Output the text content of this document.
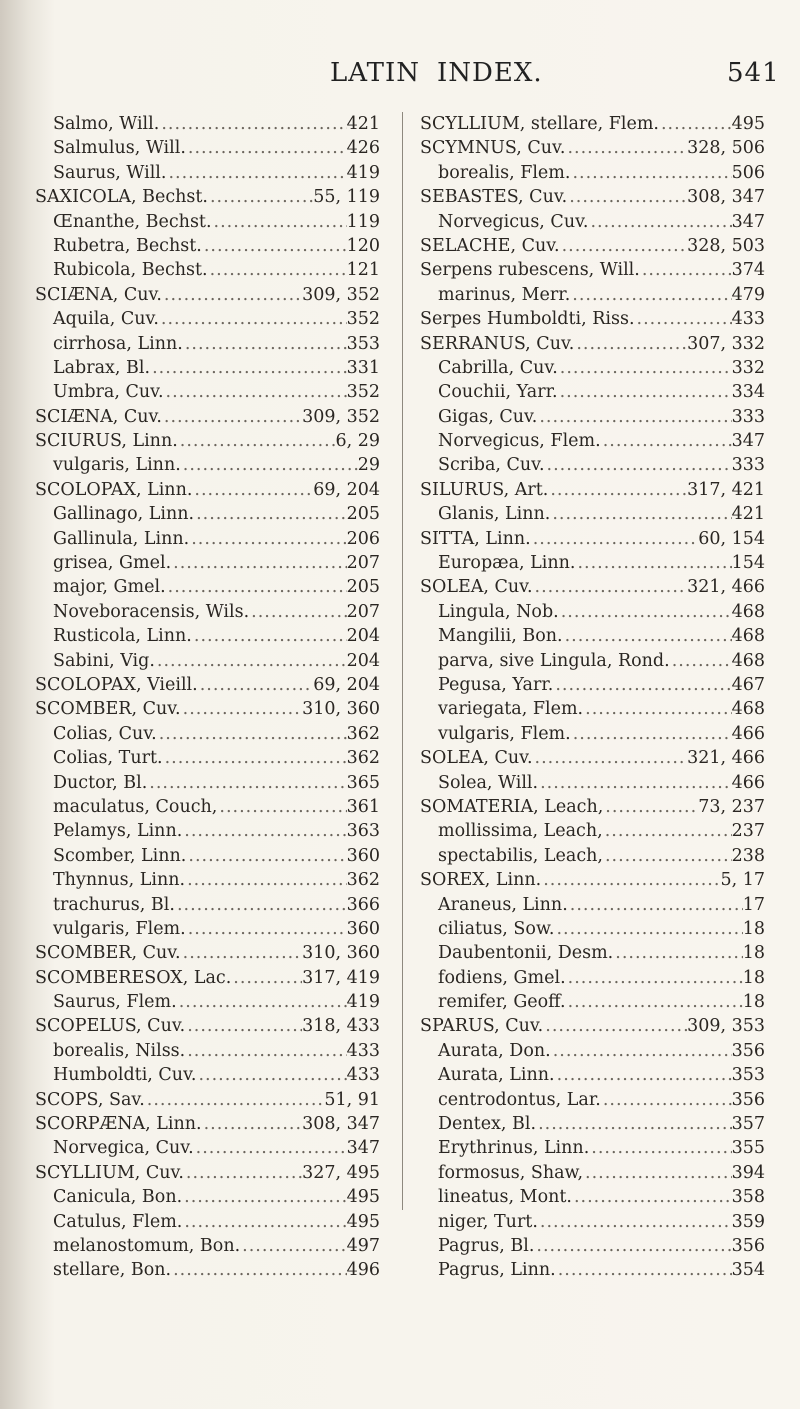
LATIN INDEX.	541
Salmo, Will. .....	421
Salmulus, Will. .....	426
Saurus, Will. .....	419
SAXICOLA, Bechst. .....	55, 119
Œnanthe, Bechst. .....	119
Rubetra, Bechst. .....	120
Rubicola, Bechst. .....	121
SCIÆNA, Cuv. .....	309, 352
Aquila, Cuv. .....	352
cirrhosa, Linn. .....	353
Labrax, Bl. .....	331
Umbra, Cuv. .....	352
SCIÆNA, Cuv. .....	309, 352
SCIURUS, Linn. .....	6, 29
vulgaris, Linn. .....	29
SCOLOPAX, Linn. .....	69, 204
Gallinago, Linn. .....	205
Gallinula, Linn. .....	206
grisea, Gmel. .....	207
major, Gmel. .....	205
Noveboracensis, Wils. .....	207
Rusticola, Linn. .....	204
Sabini, Vig. .....	204
SCOLOPAX, Vieill. .....	69, 204
SCOMBER, Cuv. .....	310, 360
Colias, Cuv. .....	362
Colias, Turt. .....	362
Ductor, Bl. .....	365
maculatus, Couch, .....	361
Pelamys, Linn. .....	363
Scomber, Linn. .....	360
Thynnus, Linn. .....	362
trachurus, Bl. .....	366
vulgaris, Flem. .....	360
SCOMBER, Cuv. .....	310, 360
SCOMBERESOX, Lac. .....	317, 419
Saurus, Flem. .....	419
SCOPELUS, Cuv. .....	318, 433
borealis, Nilss. .....	433
Humboldti, Cuv. .....	433
SCOPS, Sav. .....	51, 91
SCORPÆNA, Linn. .....	308, 347
Norvegica, Cuv. .....	347
SCYLLIUM, Cuv. .....	327, 495
Canicula, Bon. .....	495
Catulus, Flem. .....	495
melanostomum, Bon. .....	497
stellare, Bon. .....	496
SCYLLIUM, stellare, Flem. .....	495
SCYMNUS, Cuv. .....	328, 506
borealis, Flem. .....	506
SEBASTES, Cuv. .....	308, 347
Norvegicus, Cuv. .....	347
SELACHE, Cuv. .....	328, 503
Serpens rubescens, Will. .....	374
marinus, Merr. .....	479
Serpes Humboldti, Riss. .....	433
SERRANUS, Cuv. .....	307, 332
Cabrilla, Cuv. .....	332
Couchii, Yarr. .....	334
Gigas, Cuv. .....	333
Norvegicus, Flem. .....	347
Scriba, Cuv. .....	333
SILURUS, Art. .....	317, 421
Glanis, Linn. .....	421
SITTA, Linn. .....	60, 154
Europæa, Linn. .....	154
SOLEA, Cuv. .....	321, 466
Lingula, Nob. .....	468
Mangilii, Bon. .....	468
parva, sive Lingula, Rond. .....	468
Pegusa, Yarr. .....	467
variegata, Flem. .....	468
vulgaris, Flem. .....	466
SOLEA, Cuv. .....	321, 466
Solea, Will. .....	466
SOMATERIA, Leach, .....	73, 237
mollissima, Leach, .....	237
spectabilis, Leach, .....	238
SOREX, Linn. .....	5, 17
Araneus, Linn. .....	17
ciliatus, Sow. .....	18
Daubentonii, Desm. .....	18
fodiens, Gmel. .....	18
remifer, Geoff. .....	18
SPARUS, Cuv. .....	309, 353
Aurata, Don. .....	356
Aurata, Linn. .....	353
centrodontus, Lar. .....	356
Dentex, Bl. .....	357
Erythrinus, Linn. .....	355
formosus, Shaw, .....	394
lineatus, Mont. .....	358
niger, Turt. .....	359
Pagrus, Bl. .....	356
Pagrus, Linn. .....	354
